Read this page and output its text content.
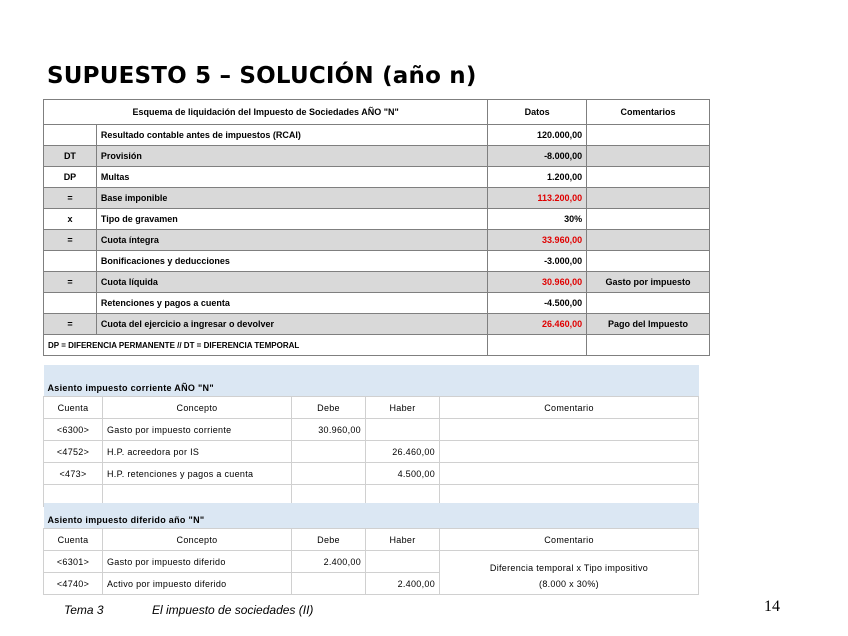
SUPUESTO 5 – SOLUCIÓN (año n)
Esquema de liquidación del Impuesto de Sociedades AÑO "N"		Datos	Comentarios
	Resultado contable antes de impuestos (RCAI)	120.000,00	
DT	Provisión	-8.000,00	
DP	Multas	1.200,00	
=	Base imponible	113.200,00	
x	Tipo de gravamen	30%	
=	Cuota íntegra	33.960,00	
	Bonificaciones y deducciones	-3.000,00	
=	Cuota líquida	30.960,00	Gasto por impuesto
	Retenciones y pagos a cuenta	-4.500,00	
=	Cuota del ejercicio a ingresar o devolver	26.460,00	Pago del Impuesto
DP = DIFERENCIA PERMANENTE // DT = DIFERENCIA TEMPORAL			
Asiento impuesto corriente AÑO "N"				
Cuenta	Concepto	Debe	Haber	Comentario
<6300>	Gasto por impuesto corriente	30.960,00		
<4752>	H.P. acreedora por IS		26.460,00	
<473>	H.P. retenciones y pagos a cuenta		4.500,00	

Asiento impuesto diferido año "N"				
Cuenta	Concepto	Debe	Haber	Comentario
<6301>	Gasto por impuesto diferido	2.400,00		Diferencia temporal x Tipo impositivo
(8.000 x 30%)

<4740>	Activo por impuesto diferido		2.400,00	
Tema 3	El impuesto de sociedades (II)	14
